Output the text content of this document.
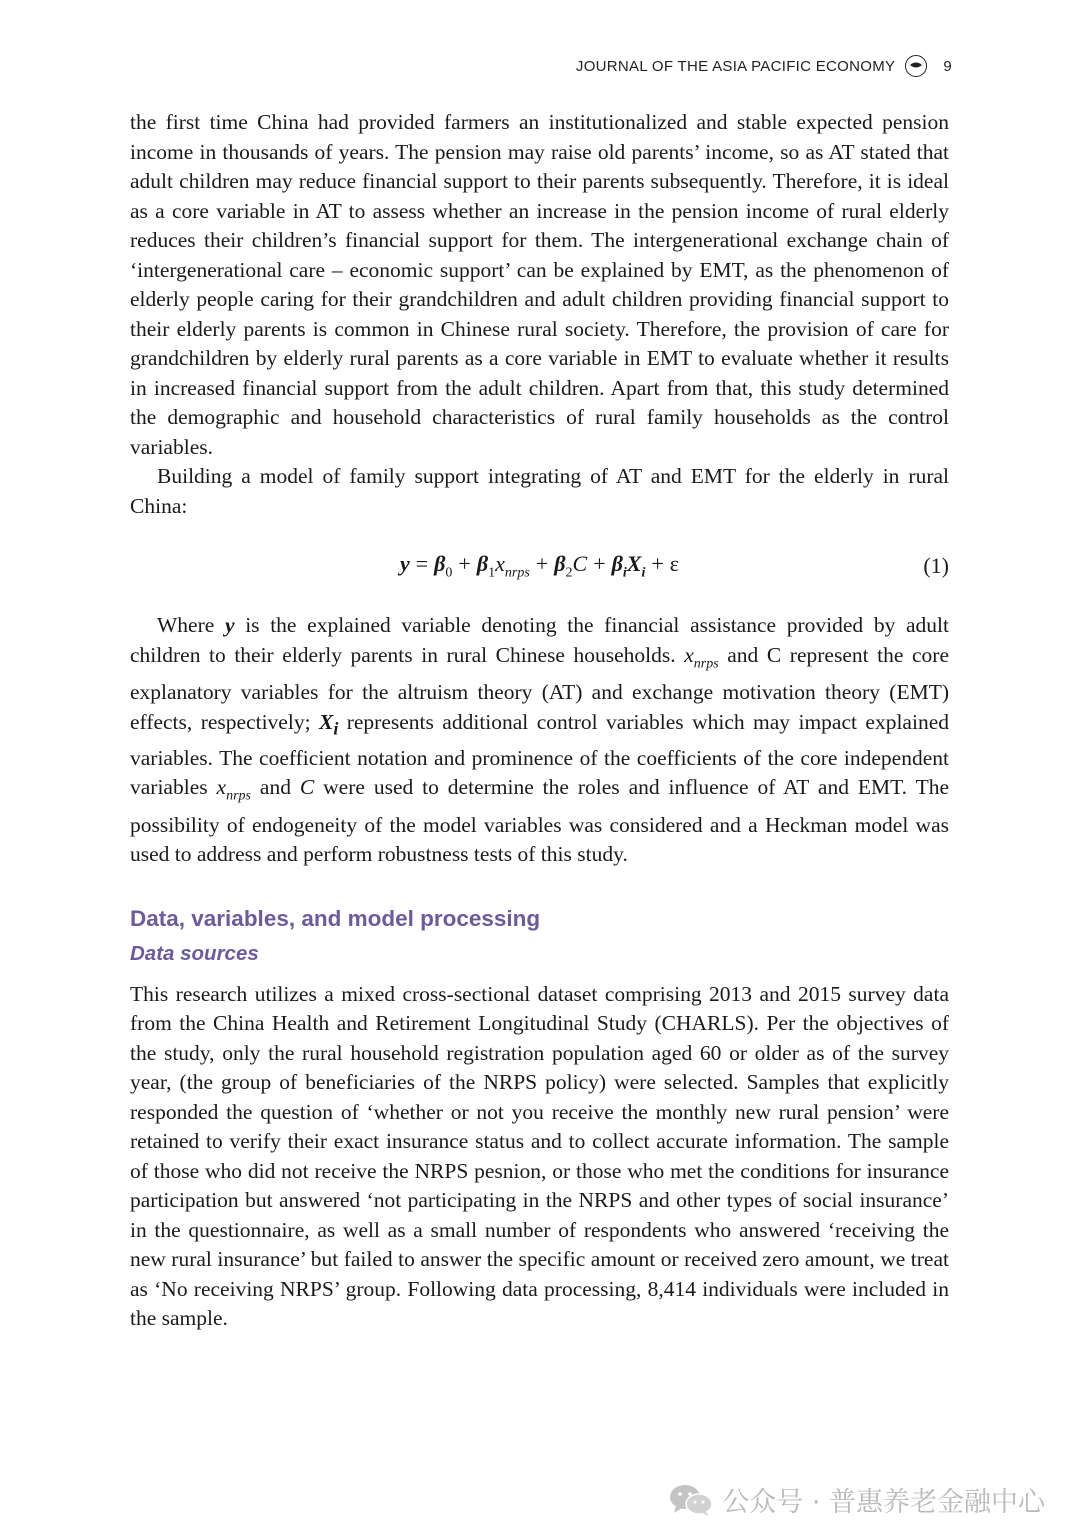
JOURNAL OF THE ASIA PACIFIC ECONOMY	9

the first time China had provided farmers an institutionalized and stable expected pension income in thousands of years. The pension may raise old parents’ income, so as AT stated that adult children may reduce financial support to their parents subsequently. Therefore, it is ideal as a core variable in AT to assess whether an increase in the pension income of rural elderly reduces their children’s financial support for them. The intergenerational exchange chain of ‘intergenerational care – economic support’ can be explained by EMT, as the phenomenon of elderly people caring for their grandchildren and adult children providing financial support to their elderly parents is common in Chinese rural society. Therefore, the provision of care for grandchildren by elderly rural parents as a core variable in EMT to evaluate whether it results in increased financial support from the adult children. Apart from that, this study determined the demographic and household characteristics of rural family households as the control variables.

Building a model of family support integrating of AT and EMT for the elderly in rural China:

$y = \beta_0 + \beta_1x_{nrps} + \beta_2C + \beta_iX_i + \varepsilon$	(1)

Where y is the explained variable denoting the financial assistance provided by adult children to their elderly parents in rural Chinese households. $x_{nrps}$ and C represent the core explanatory variables for the altruism theory (AT) and exchange motivation theory (EMT) effects, respectively; $X_i$ represents additional control variables which may impact explained variables. The coefficient notation and prominence of the coefficients of the core independent variables $x_{nrps}$ and C were used to determine the roles and influence of AT and EMT. The possibility of endogeneity of the model variables was considered and a Heckman model was used to address and perform robustness tests of this study.

Data, variables, and model processing
Data sources

This research utilizes a mixed cross-sectional dataset comprising 2013 and 2015 survey data from the China Health and Retirement Longitudinal Study (CHARLS). Per the objectives of the study, only the rural household registration population aged 60 or older as of the survey year, (the group of beneficiaries of the NRPS policy) were selected. Samples that explicitly responded the question of ‘whether or not you receive the monthly new rural pension’ were retained to verify their exact insurance status and to collect accurate information. The sample of those who did not receive the NRPS pesnion, or those who met the conditions for insurance participation but answered ‘not participating in the NRPS and other types of social insurance’ in the questionnaire, as well as a small number of respondents who answered ‘receiving the new rural insurance’ but failed to answer the specific amount or received zero amount, we treat as ‘No receiving NRPS’ group. Following data processing, 8,414 individuals were included in the sample.

公众号 · 普惠养老金融中心
